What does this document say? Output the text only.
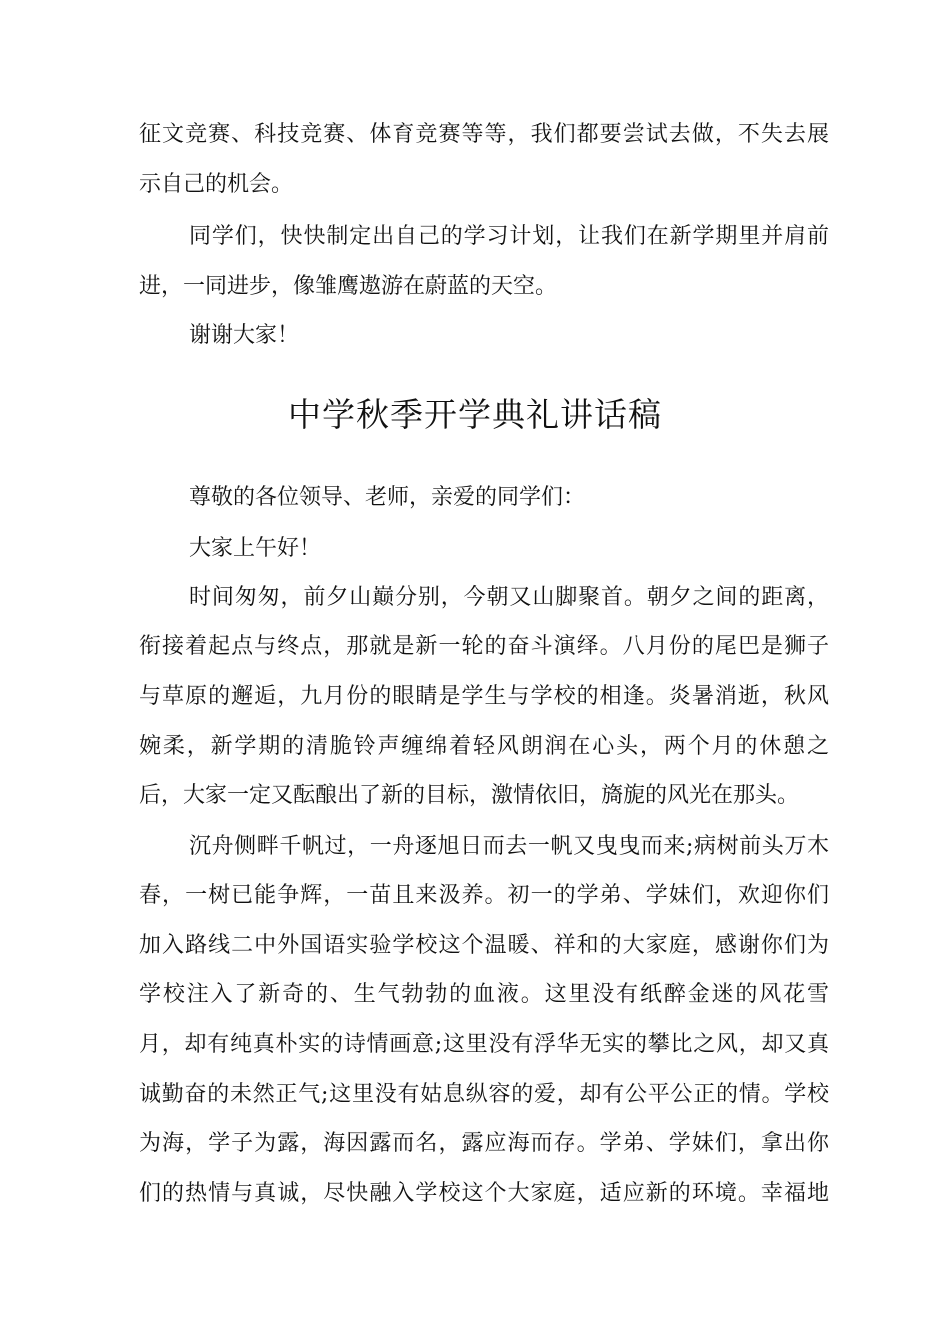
征文竞赛、科技竞赛、体育竞赛等等，我们都要尝试去做，不失去展
示自己的机会。
同学们，快快制定出自己的学习计划，让我们在新学期里并肩前
进，一同进步，像雏鹰遨游在蔚蓝的天空。
谢谢大家！
中学秋季开学典礼讲话稿
尊敬的各位领导、老师，亲爱的同学们：
大家上午好！
时间匆匆，前夕山巅分别，今朝又山脚聚首。朝夕之间的距离，
衔接着起点与终点，那就是新一轮的奋斗演绎。八月份的尾巴是狮子
与草原的邂逅，九月份的眼睛是学生与学校的相逢。炎暑消逝，秋风
婉柔，新学期的清脆铃声缠绵着轻风朗润在心头，两个月的休憩之
后，大家一定又酝酿出了新的目标，激情依旧，旖旎的风光在那头。
沉舟侧畔千帆过，一舟逐旭日而去一帆又曳曳而来;病树前头万木
春，一树已能争辉，一苗且来汲养。初一的学弟、学妹们，欢迎你们
加入路线二中外国语实验学校这个温暖、祥和的大家庭，感谢你们为
学校注入了新奇的、生气勃勃的血液。这里没有纸醉金迷的风花雪
月，却有纯真朴实的诗情画意;这里没有浮华无实的攀比之风，却又真
诚勤奋的未然正气;这里没有姑息纵容的爱，却有公平公正的情。学校
为海，学子为露，海因露而名，露应海而存。学弟、学妹们，拿出你
们的热情与真诚，尽快融入学校这个大家庭，适应新的环境。幸福地
